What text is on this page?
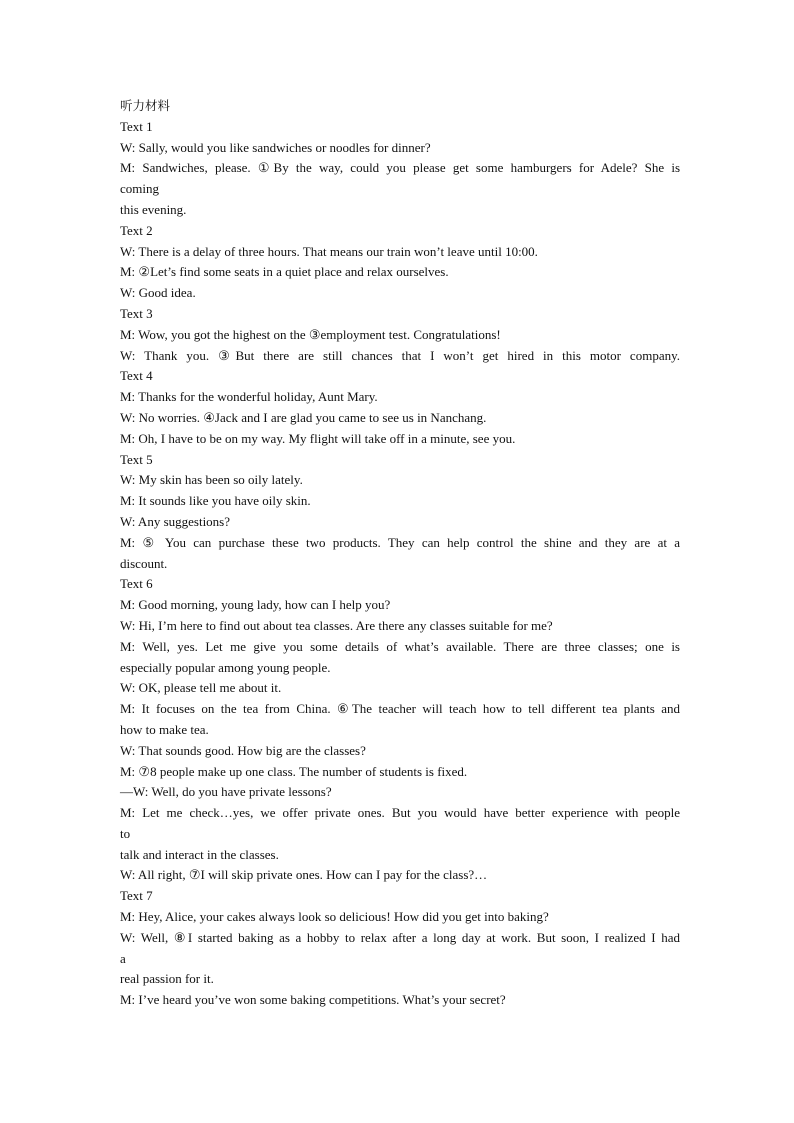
听力材料
Text 1
W: Sally, would you like sandwiches or noodles for dinner?
M: Sandwiches, please. ①By the way, could you please get some hamburgers for Adele? She is
coming
this evening.
Text 2
W: There is a delay of three hours. That means our train won’t leave until 10:00.
M: ②Let’s find some seats in a quiet place and relax ourselves.
W: Good idea.
Text 3
M: Wow, you got the highest on the ③employment test. Congratulations!
W: Thank you. ③But there are still chances that I won’t get hired in this motor company.
Text 4
M: Thanks for the wonderful holiday, Aunt Mary.
W: No worries. ④Jack and I are glad you came to see us in Nanchang.
M: Oh, I have to be on my way. My flight will take off in a minute, see you.
Text 5
W: My skin has been so oily lately.
M: It sounds like you have oily skin.
W: Any suggestions?
M: ⑤ You can purchase these two products. They can help control the shine and they are at a
discount.
Text 6
M: Good morning, young lady, how can I help you?
W: Hi, I’m here to find out about tea classes. Are there any classes suitable for me?
M: Well, yes. Let me give you some details of what’s available. There are three classes; one is
especially popular among young people.
W: OK, please tell me about it.
M: It focuses on the tea from China. ⑥The teacher will teach how to tell different tea plants and
how to make tea.
W: That sounds good. How big are the classes?
M: ⑦8 people make up one class. The number of students is fixed.
—W: Well, do you have private lessons?
M: Let me check…yes, we offer private ones. But you would have better experience with people
to
talk and interact in the classes.
W: All right, ⑦I will skip private ones. How can I pay for the class?…
Text 7
M: Hey, Alice, your cakes always look so delicious! How did you get into baking?
W: Well, ⑧I started baking as a hobby to relax after a long day at work. But soon, I realized I had
a
real passion for it.
M: I’ve heard you’ve won some baking competitions. What’s your secret?
